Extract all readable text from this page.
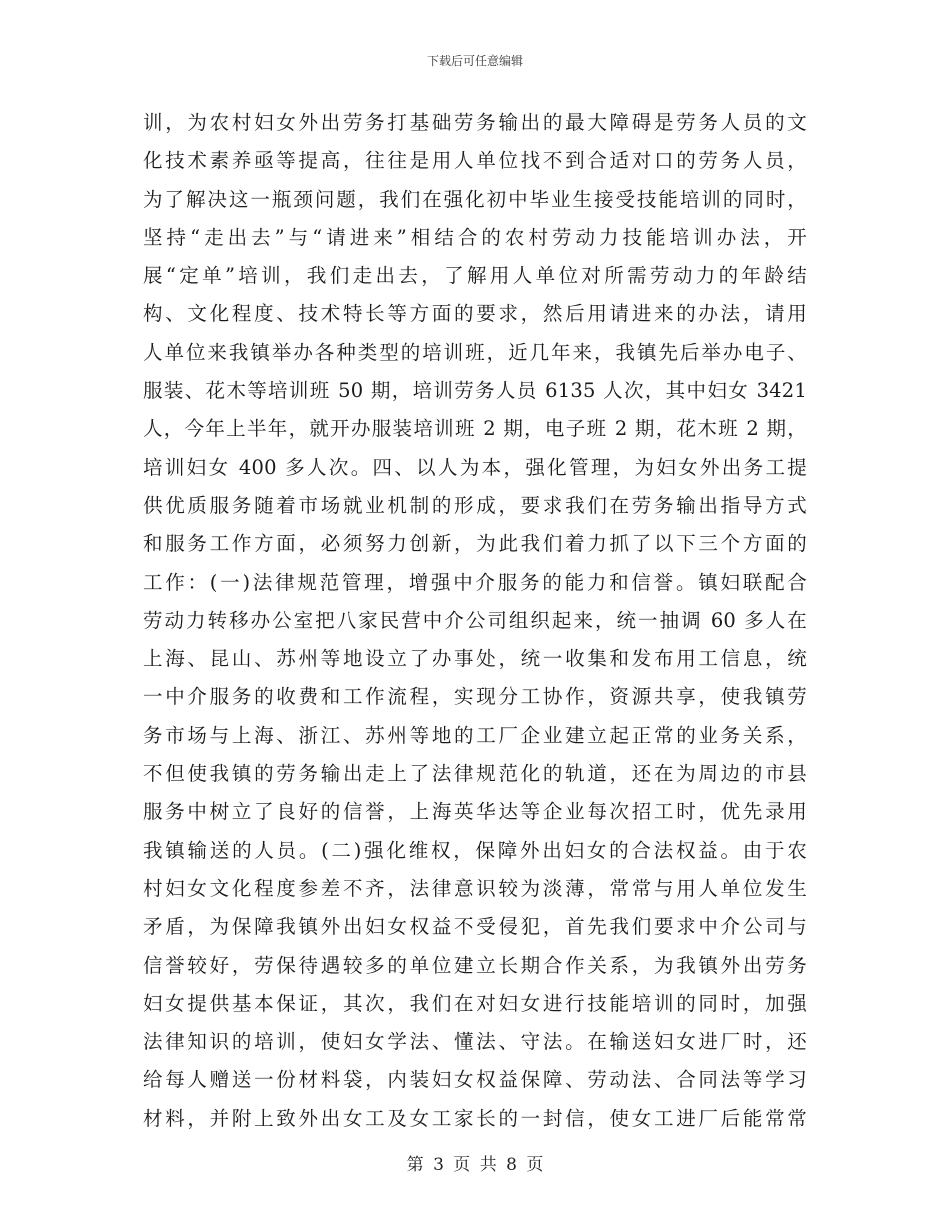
下载后可任意编辑
训，为农村妇女外出劳务打基础劳务输出的最大障碍是劳务人员的文
化技术素养亟等提高，往往是用人单位找不到合适对口的劳务人员，
为了解决这一瓶颈问题，我们在强化初中毕业生接受技能培训的同时，
坚持“走出去”与“请进来”相结合的农村劳动力技能培训办法，开
展“定单”培训，我们走出去，了解用人单位对所需劳动力的年龄结
构、文化程度、技术特长等方面的要求，然后用请进来的办法，请用
人单位来我镇举办各种类型的培训班，近几年来，我镇先后举办电子、
服装、花木等培训班 50 期，培训劳务人员 6135 人次，其中妇女 3421
人，今年上半年，就开办服装培训班 2 期，电子班 2 期，花木班 2 期，
培训妇女 400 多人次。四、以人为本，强化管理，为妇女外出务工提
供优质服务随着市场就业机制的形成，要求我们在劳务输出指导方式
和服务工作方面，必须努力创新，为此我们着力抓了以下三个方面的
工作：(一)法律规范管理，增强中介服务的能力和信誉。镇妇联配合
劳动力转移办公室把八家民营中介公司组织起来，统一抽调 60 多人在
上海、昆山、苏州等地设立了办事处，统一收集和发布用工信息，统
一中介服务的收费和工作流程，实现分工协作，资源共享，使我镇劳
务市场与上海、浙江、苏州等地的工厂企业建立起正常的业务关系，
不但使我镇的劳务输出走上了法律规范化的轨道，还在为周边的市县
服务中树立了良好的信誉，上海英华达等企业每次招工时，优先录用
我镇输送的人员。(二)强化维权，保障外出妇女的合法权益。由于农
村妇女文化程度参差不齐，法律意识较为淡薄，常常与用人单位发生
矛盾，为保障我镇外出妇女权益不受侵犯，首先我们要求中介公司与
信誉较好，劳保待遇较多的单位建立长期合作关系，为我镇外出劳务
妇女提供基本保证，其次，我们在对妇女进行技能培训的同时，加强
法律知识的培训，使妇女学法、懂法、守法。在输送妇女进厂时，还
给每人赠送一份材料袋，内装妇女权益保障、劳动法、合同法等学习
材料，并附上致外出女工及女工家长的一封信，使女工进厂后能常常
第 3 页 共 8 页
